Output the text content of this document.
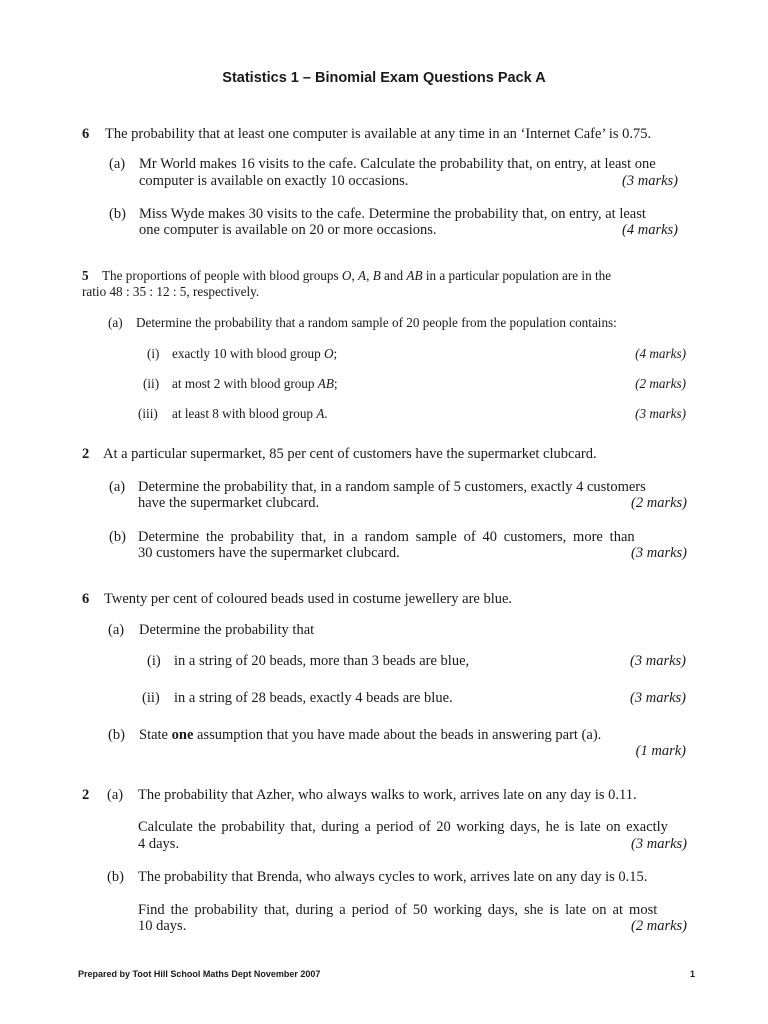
Statistics 1 – Binomial Exam Questions Pack A
6 The probability that at least one computer is available at any time in an ‘Internet Cafe’ is 0.75.
(a) Mr World makes 16 visits to the cafe. Calculate the probability that, on entry, at least one
computer is available on exactly 10 occasions.	(3 marks)
(b) Miss Wyde makes 30 visits to the cafe. Determine the probability that, on entry, at least
one computer is available on 20 or more occasions.	(4 marks)
5 The proportions of people with blood groups O, A, B and AB in a particular population are in the
ratio 48 : 35 : 12 : 5, respectively.
(a) Determine the probability that a random sample of 20 people from the population contains:
(i) exactly 10 with blood group O;	(4 marks)
(ii) at most 2 with blood group AB;	(2 marks)
(iii) at least 8 with blood group A.	(3 marks)
2 At a particular supermarket, 85 per cent of customers have the supermarket clubcard.
(a) Determine the probability that, in a random sample of 5 customers, exactly 4 customers
have the supermarket clubcard.	(2 marks)
(b) Determine the probability that, in a random sample of 40 customers, more than
30 customers have the supermarket clubcard.	(3 marks)
6 Twenty per cent of coloured beads used in costume jewellery are blue.
(a) Determine the probability that
(i) in a string of 20 beads, more than 3 beads are blue,	(3 marks)
(ii) in a string of 28 beads, exactly 4 beads are blue.	(3 marks)
(b) State one assumption that you have made about the beads in answering part (a).
(1 mark)
2 (a) The probability that Azher, who always walks to work, arrives late on any day is 0.11.
Calculate the probability that, during a period of 20 working days, he is late on exactly
4 days.	(3 marks)
(b) The probability that Brenda, who always cycles to work, arrives late on any day is 0.15.
Find the probability that, during a period of 50 working days, she is late on at most
10 days.	(2 marks)
Prepared by Toot Hill School Maths Dept November 2007	1
